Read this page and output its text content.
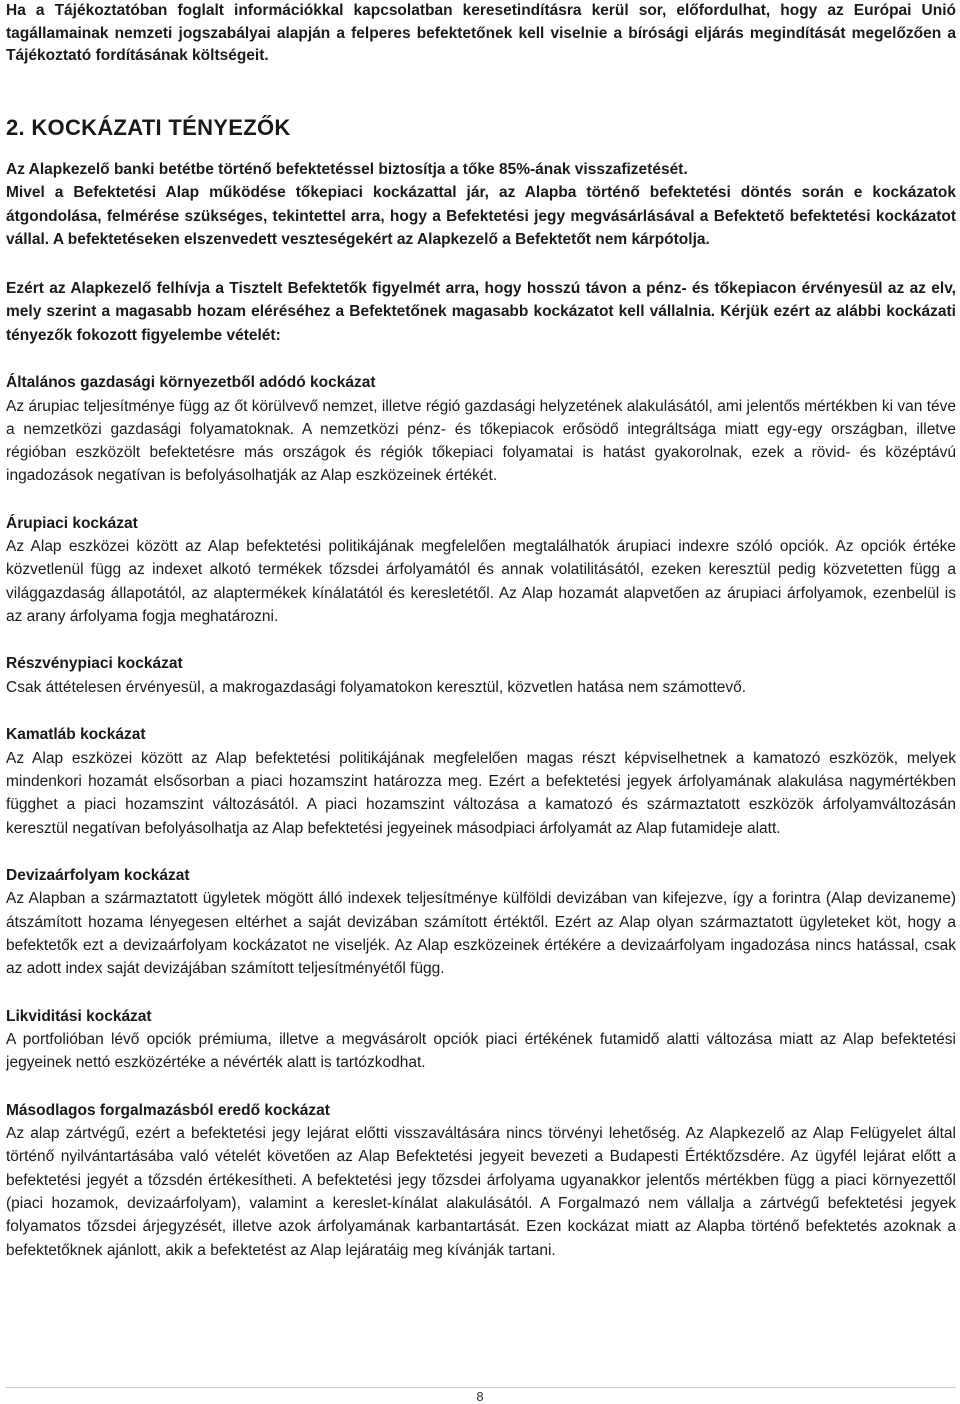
Ha a Tájékoztatóban foglalt információkkal kapcsolatban keresetindításra kerül sor, előfordulhat, hogy az Európai Unió tagállamainak nemzeti jogszabályai alapján a felperes befektetőnek kell viselnie a bírósági eljárás megindítását megelőzően a Tájékoztató fordításának költségeit.

2. KOCKÁZATI TÉNYEZŐK

Az Alapkezelő banki betétbe történő befektetéssel biztosítja a tőke 85%-ának visszafizetését.

Mivel a Befektetési Alap működése tőkepiaci kockázattal jár, az Alapba történő befektetési döntés során e kockázatok átgondolása, felmérése szükséges, tekintettel arra, hogy a Befektetési jegy megvásárlásával a Befektető befektetési kockázatot vállal. A befektetéseken elszenvedett veszteségekért az Alapkezelő a Befektetőt nem kárpótolja.

Ezért az Alapkezelő felhívja a Tisztelt Befektetők figyelmét arra, hogy hosszú távon a pénz- és tőkepiacon érvényesül az az elv, mely szerint a magasabb hozam eléréséhez a Befektetőnek magasabb kockázatot kell vállalnia. Kérjük ezért az alábbi kockázati tényezők fokozott figyelembe vételét:

Általános gazdasági környezetből adódó kockázat

Az árupiac teljesítménye függ az őt körülvevő nemzet, illetve régió gazdasági helyzetének alakulásától, ami jelentős mértékben ki van téve a nemzetközi gazdasági folyamatoknak. A nemzetközi pénz- és tőkepiacok erősödő integráltsága miatt egy-egy országban, illetve régióban eszközölt befektetésre más országok és régiók tőkepiaci folyamatai is hatást gyakorolnak, ezek a rövid- és középtávú ingadozások negatívan is befolyásolhatják az Alap eszközeinek értékét.

Árupiaci kockázat

Az Alap eszközei között az Alap befektetési politikájának megfelelően megtalálhatók árupiaci indexre szóló opciók. Az opciók értéke közvetlenül függ az indexet alkotó termékek tőzsdei árfolyamától és annak volatilitásától, ezeken keresztül pedig közvetetten függ a világgazdaság állapotától, az alaptermékek kínálatától és keresletétől. Az Alap hozamát alapvetően az árupiaci árfolyamok, ezenbelül is az arany árfolyama fogja meghatározni.

Részvénypiaci kockázat

Csak áttételesen érvényesül, a makrogazdasági folyamatokon keresztül, közvetlen hatása nem számottevő.

Kamatláb kockázat

Az Alap eszközei között az Alap befektetési politikájának megfelelően magas részt képviselhetnek a kamatozó eszközök, melyek mindenkori hozamát elsősorban a piaci hozamszint határozza meg. Ezért a befektetési jegyek árfolyamának alakulása nagymértékben függhet a piaci hozamszint változásától. A piaci hozamszint változása a kamatozó és származtatott eszközök árfolyamváltozásán keresztül negatívan befolyásolhatja az Alap befektetési jegyeinek másodpiaci árfolyamát az Alap futamideje alatt.

Devizaárfolyam kockázat

Az Alapban a származtatott ügyletek mögött álló indexek teljesítménye külföldi devizában van kifejezve, így a forintra (Alap devizaneme) átszámított hozama lényegesen eltérhet a saját devizában számított értéktől. Ezért az Alap olyan származtatott ügyleteket köt, hogy a befektetők ezt a devizaárfolyam kockázatot ne viseljék. Az Alap eszközeinek értékére a devizaárfolyam ingadozása nincs hatással, csak az adott index saját devizájában számított teljesítményétől függ.

Likviditási kockázat

A portfolióban lévő opciók prémiuma, illetve a megvásárolt opciók piaci értékének futamidő alatti változása miatt az Alap befektetési jegyeinek nettó eszközértéke a névérték alatt is tartózkodhat.

Másodlagos forgalmazásból eredő kockázat

Az alap zártvégű, ezért a befektetési jegy lejárat előtti visszaváltására nincs törvényi lehetőség. Az Alapkezelő az Alap Felügyelet által történő nyilvántartásába való vételét követően az Alap Befektetési jegyeit bevezeti a Budapesti Értéktőzsdére. Az ügyfél lejárat előtt a befektetési jegyét a tőzsdén értékesítheti. A befektetési jegy tőzsdei árfolyama ugyanakkor jelentős mértékben függ a piaci környezettől (piaci hozamok, devizaárfolyam), valamint a kereslet-kínálat alakulásától. A Forgalmazó nem vállalja a zártvégű befektetési jegyek folyamatos tőzsdei árjegyzését, illetve azok árfolyamának karbantartását. Ezen kockázat miatt az Alapba történő befektetés azoknak a befektetőknek ajánlott, akik a befektetést az Alap lejáratáig meg kívánják tartani.

8
